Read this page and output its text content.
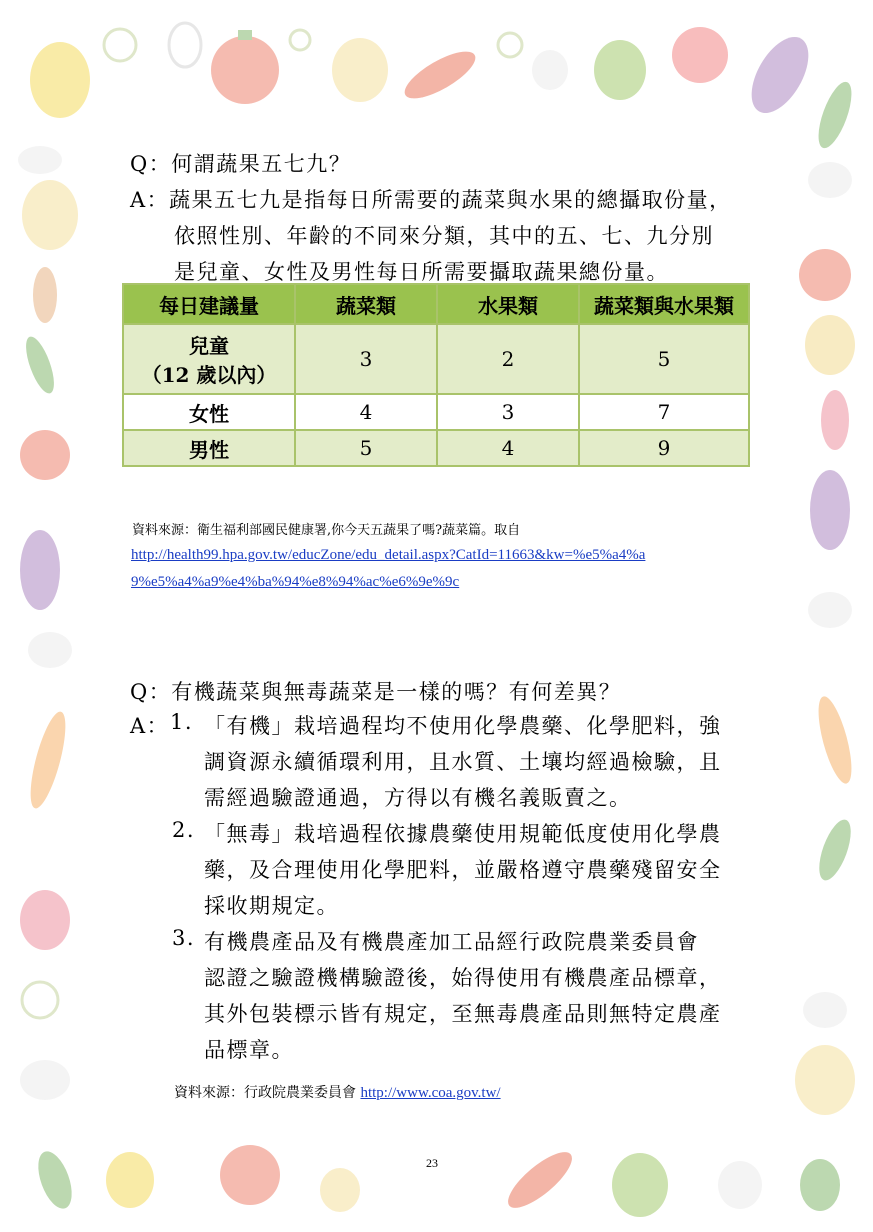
Q：何謂蔬果五七九？
A：蔬果五七九是指每日所需要的蔬菜與水果的總攝取份量，
依照性別、年齡的不同來分類，其中的五、七、九分別
是兒童、女性及男性每日所需要攝取蔬果總份量。
每日建議量	蔬菜類	水果類	蔬菜類與水果類

兒童
（12 歲以內）	3	2	5
女性	4	3	7
男性	5	4	9
資料來源：衛生福利部國民健康署,你今天五蔬果了嗎?蔬菜篇。取自
http://health99.hpa.gov.tw/educZone/edu_detail.aspx?CatId=11663&kw=%e5%a4%a
9%e5%a4%a9%e4%ba%94%e8%94%ac%e6%9e%9c
Q：有機蔬菜與無毒蔬菜是一樣的嗎？有何差異？
A： 1. 「有機」栽培過程均不使用化學農藥、化學肥料，強
調資源永續循環利用，且水質、土壤均經過檢驗，且
需經過驗證通過，方得以有機名義販賣之。
2. 「無毒」栽培過程依據農藥使用規範低度使用化學農
藥，及合理使用化學肥料，並嚴格遵守農藥殘留安全
採收期規定。
3. 有機農產品及有機農產加工品經行政院農業委員會
認證之驗證機構驗證後，始得使用有機農產品標章，
其外包裝標示皆有規定，至無毒農產品則無特定農產
品標章。
資料來源：行政院農業委員會 http://www.coa.gov.tw/
23
